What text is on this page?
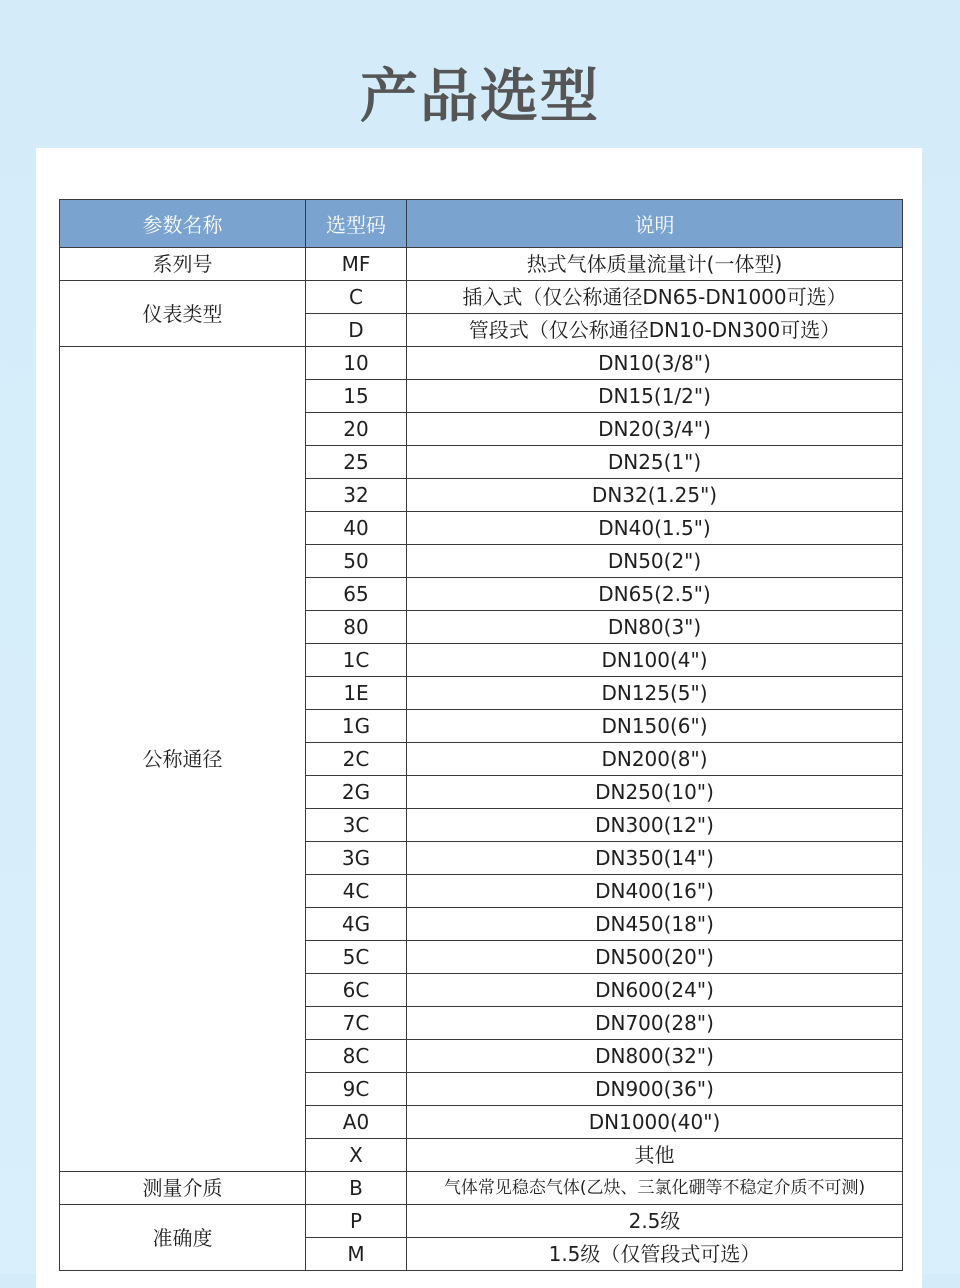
产品选型
参数名称	选型码	说明
系列号	MF	热式气体质量流量计(一体型)
仪表类型	C	插入式（仅公称通径DN65-DN1000可选）
	D	管段式（仅公称通径DN10-DN300可选）
公称通径	10	DN10(3/8")
	15	DN15(1/2")
	20	DN20(3/4")
	25	DN25(1")
	32	DN32(1.25")
	40	DN40(1.5")
	50	DN50(2")
	65	DN65(2.5")
	80	DN80(3")
	1C	DN100(4")
	1E	DN125(5")
	1G	DN150(6")
	2C	DN200(8")
	2G	DN250(10")
	3C	DN300(12")
	3G	DN350(14")
	4C	DN400(16")
	4G	DN450(18")
	5C	DN500(20")
	6C	DN600(24")
	7C	DN700(28")
	8C	DN800(32")
	9C	DN900(36")
	A0	DN1000(40")
	X	其他
测量介质	B	气体常见稳态气体(乙炔、三氯化硼等不稳定介质不可测)
准确度	P	2.5级
	M	1.5级（仅管段式可选）
